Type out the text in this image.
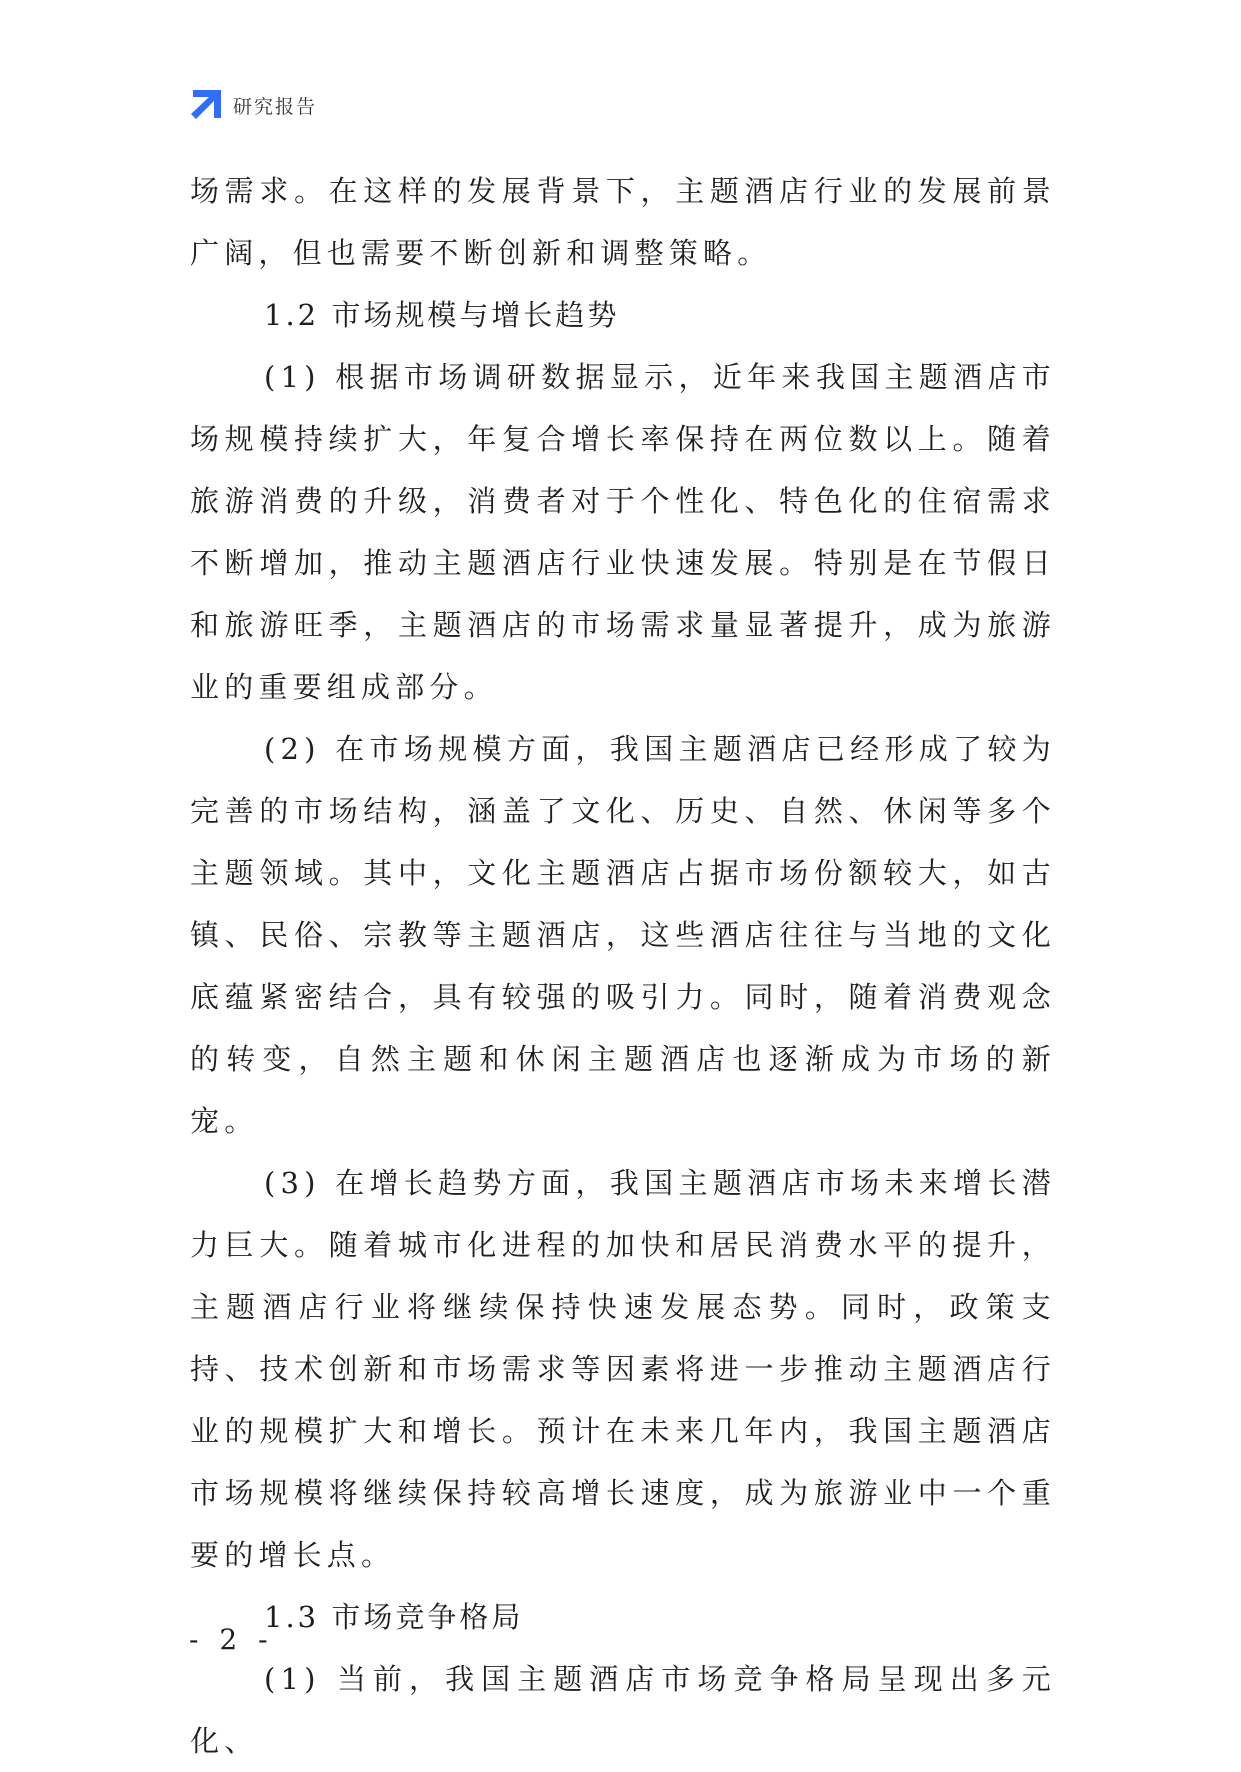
研究报告

场需求。在这样的发展背景下，主题酒店行业的发展前景广阔，但也需要不断创新和调整策略。

1.2 市场规模与增长趋势

(1) 根据市场调研数据显示，近年来我国主题酒店市场规模持续扩大，年复合增长率保持在两位数以上。随着旅游消费的升级，消费者对于个性化、特色化的住宿需求不断增加，推动主题酒店行业快速发展。特别是在节假日和旅游旺季，主题酒店的市场需求量显著提升，成为旅游业的重要组成部分。

(2) 在市场规模方面，我国主题酒店已经形成了较为完善的市场结构，涵盖了文化、历史、自然、休闲等多个主题领域。其中，文化主题酒店占据市场份额较大，如古镇、民俗、宗教等主题酒店，这些酒店往往与当地的文化底蕴紧密结合，具有较强的吸引力。同时，随着消费观念的转变，自然主题和休闲主题酒店也逐渐成为市场的新宠。

(3) 在增长趋势方面，我国主题酒店市场未来增长潜力巨大。随着城市化进程的加快和居民消费水平的提升，主题酒店行业将继续保持快速发展态势。同时，政策支持、技术创新和市场需求等因素将进一步推动主题酒店行业的规模扩大和增长。预计在未来几年内，我国主题酒店市场规模将继续保持较高增长速度，成为旅游业中一个重要的增长点。

1.3 市场竞争格局

(1) 当前，我国主题酒店市场竞争格局呈现出多元化、

- 2 -
